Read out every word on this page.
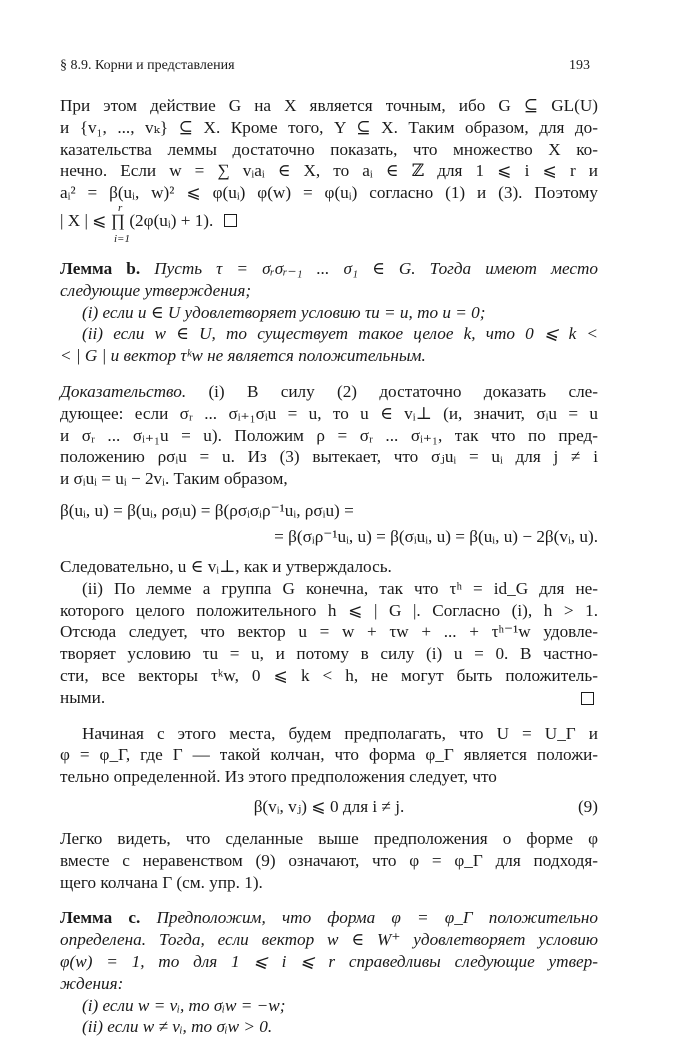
§ 8.9. Корни и представления	193
При этом действие G на X является точным, ибо G ⊆ GL(U)
и {v₁, ..., vₖ} ⊆ X. Кроме того, Y ⊆ X. Таким образом, для до-
казательства леммы достаточно показать, что множество X ко-
нечно. Если w = ∑ vᵢaᵢ ∈ X, то aᵢ ∈ ℤ для 1 ⩽ i ⩽ r и
aᵢ² = β(uᵢ, w)² ⩽ φ(uᵢ) φ(w) = φ(uᵢ) согласно (1) и (3). Поэтому
| X | ⩽ ∏ (2φ(uᵢ) + 1).
r
i=1
Лемма b. Пусть τ = σᵣσᵣ₋₁ ... σ₁ ∈ G. Тогда имеют место
следующие утверждения;
(i) если u ∈ U удовлетворяет условию τu = u, то u = 0;
(ii) если w ∈ U, то существует такое целое k, что 0 ⩽ k <
< | G | и вектор τᵏw не является положительным.
Доказательство. (i) В силу (2) достаточно доказать сле-
дующее: если σᵣ ... σᵢ₊₁σᵢu = u, то u ∈ vᵢ⊥ (и, значит, σᵢu = u
и σᵣ ... σᵢ₊₁u = u). Положим ρ = σᵣ ... σᵢ₊₁, так что по пред-
положению ρσᵢu = u. Из (3) вытекает, что σⱼuᵢ = uᵢ для j ≠ i
и σᵢuᵢ = uᵢ − 2vᵢ. Таким образом,
β(uᵢ, u) = β(uᵢ, ρσᵢu) = β(ρσᵢσᵢρ⁻¹uᵢ, ρσᵢu) =
= β(σᵢρ⁻¹uᵢ, u) = β(σᵢuᵢ, u) = β(uᵢ, u) − 2β(vᵢ, u).
Следовательно, u ∈ vᵢ⊥, как и утверждалось.
(ii) По лемме a группа G конечна, так что τʰ = id_G для не-
которого целого положительного h ⩽ | G |. Согласно (i), h > 1.
Отсюда следует, что вектор u = w + τw + ... + τʰ⁻¹w удовле-
творяет условию τu = u, и потому в силу (i) u = 0. В частно-
сти, все векторы τᵏw, 0 ⩽ k < h, не могут быть положитель-
ными.
Начиная с этого места, будем предполагать, что U = U_Γ и
φ = φ_Γ, где Γ — такой колчан, что форма φ_Γ является положи-
тельно определенной. Из этого предположения следует, что
β(vᵢ, vⱼ) ⩽ 0 для i ≠ j.	(9)
Легко видеть, что сделанные выше предположения о форме φ
вместе с неравенством (9) означают, что φ = φ_Γ для подходя-
щего колчана Γ (см. упр. 1).
Лемма c. Предположим, что форма φ = φ_Γ положительно
определена. Тогда, если вектор w ∈ W⁺ удовлетворяет условию
φ(w) = 1, то для 1 ⩽ i ⩽ r справедливы следующие утвер-
ждения:
(i) если w = vᵢ, то σᵢw = −w;
(ii) если w ≠ vᵢ, то σᵢw > 0.
